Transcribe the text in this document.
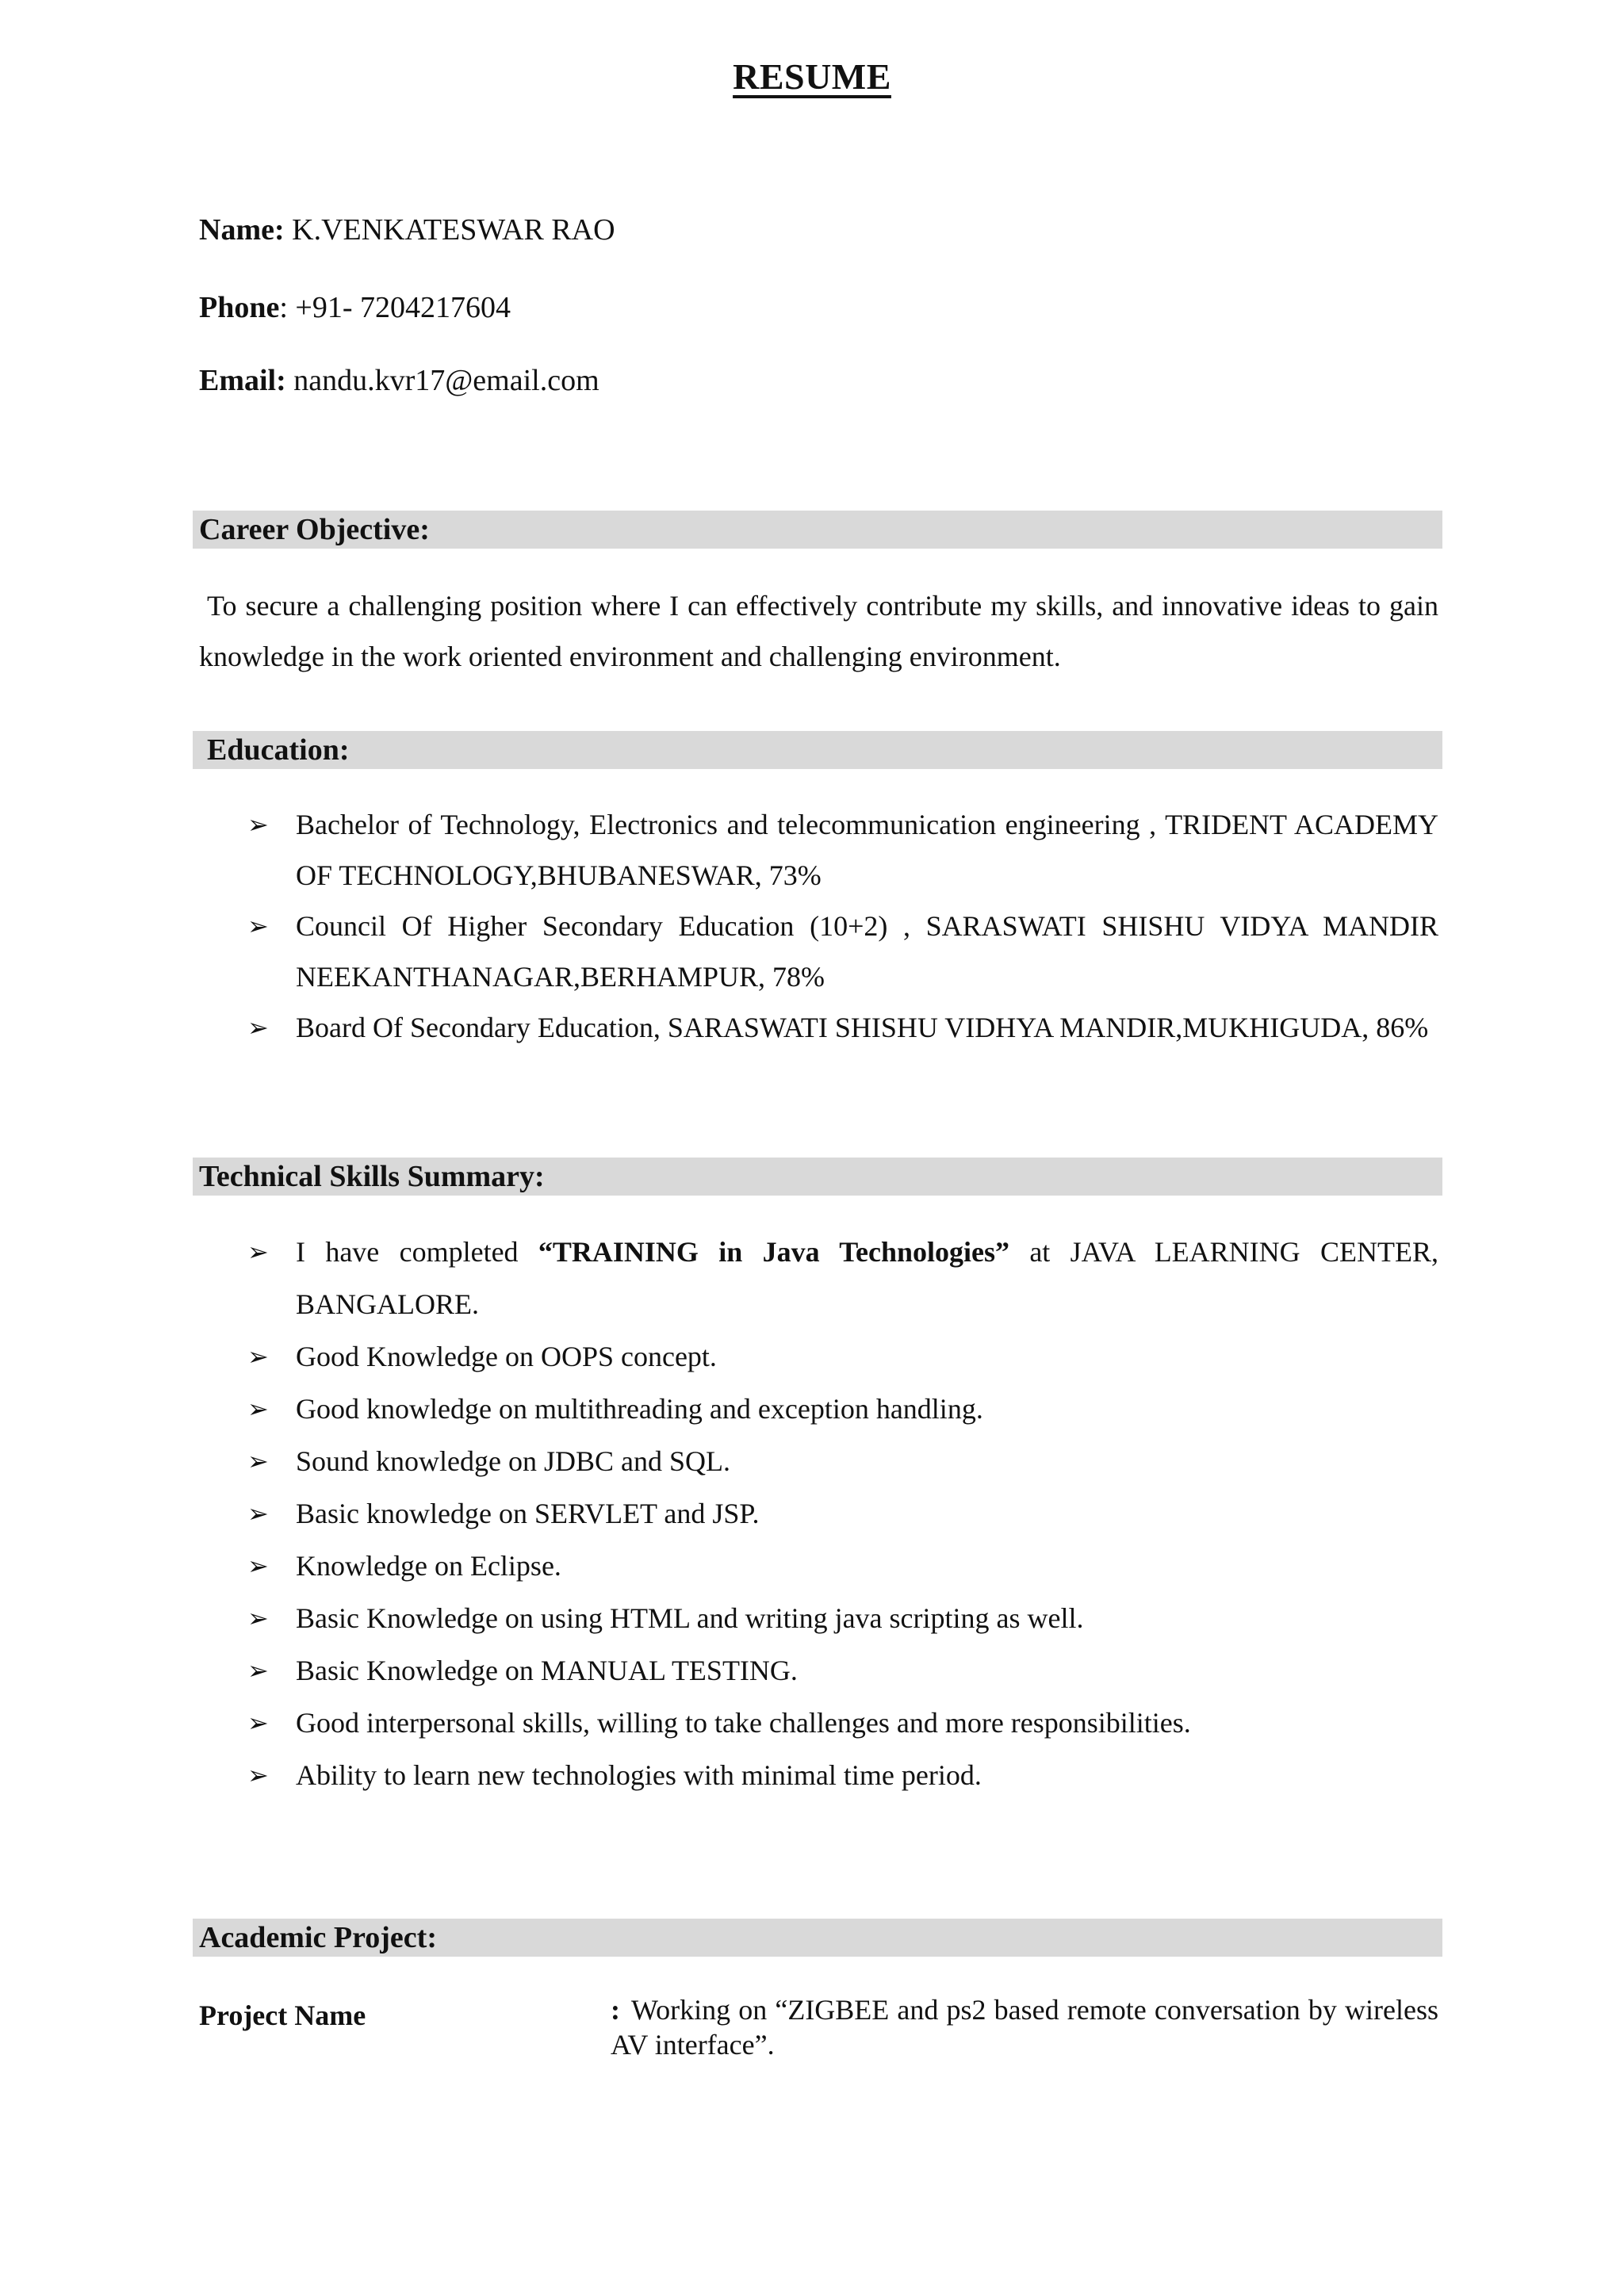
RESUME
Name: K.VENKATESWAR RAO
Phone: +91- 7204217604
Email: nandu.kvr17@email.com
Career Objective:
To secure a challenging position where I can effectively contribute my skills, and innovative ideas to gain knowledge in the work oriented environment and challenging environment.
Education:
➢ Bachelor of Technology, Electronics and telecommunication engineering , TRIDENT ACADEMY OF TECHNOLOGY,BHUBANESWAR, 73%
➢ Council Of Higher Secondary Education (10+2) , SARASWATI SHISHU VIDYA MANDIR NEEKANTHANAGAR,BERHAMPUR, 78%
➢ Board Of Secondary Education, SARASWATI SHISHU VIDHYA MANDIR,MUKHIGUDA, 86%
Technical Skills Summary:
➢ I have completed “TRAINING in Java Technologies” at JAVA LEARNING CENTER, BANGALORE.
➢ Good Knowledge on OOPS concept.
➢ Good knowledge on multithreading and exception handling.
➢ Sound knowledge on JDBC and SQL.
➢ Basic knowledge on SERVLET and JSP.
➢ Knowledge on Eclipse.
➢ Basic Knowledge on using HTML and writing java scripting as well.
➢ Basic Knowledge on MANUAL TESTING.
➢ Good interpersonal skills, willing to take challenges and more responsibilities.
➢ Ability to learn new technologies with minimal time period.
Academic Project:
Project Name	: Working on “ZIGBEE and ps2 based remote conversation by wireless AV interface”.
